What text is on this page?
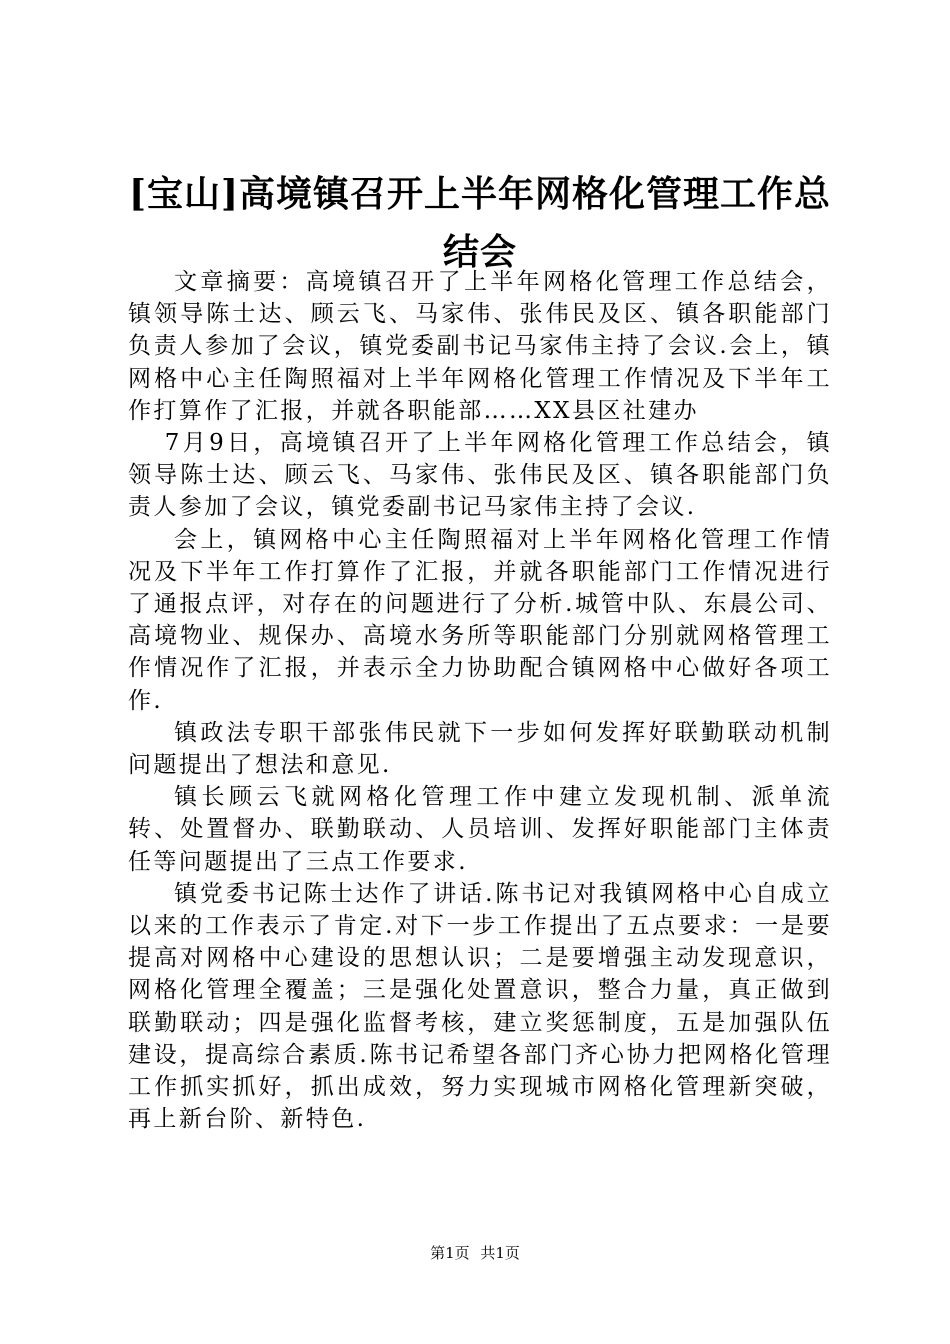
[宝山]高境镇召开上半年网格化管理工作总结会

文章摘要：高境镇召开了上半年网格化管理工作总结会，镇领导陈士达、顾云飞、马家伟、张伟民及区、镇各职能部门负责人参加了会议，镇党委副书记马家伟主持了会议.会上，镇网格中心主任陶照福对上半年网格化管理工作情况及下半年工作打算作了汇报，并就各职能部……XX县区社建办

7月9日，高境镇召开了上半年网格化管理工作总结会，镇领导陈士达、顾云飞、马家伟、张伟民及区、镇各职能部门负责人参加了会议，镇党委副书记马家伟主持了会议.

会上，镇网格中心主任陶照福对上半年网格化管理工作情况及下半年工作打算作了汇报，并就各职能部门工作情况进行了通报点评，对存在的问题进行了分析.城管中队、东晨公司、高境物业、规保办、高境水务所等职能部门分别就网格管理工作情况作了汇报，并表示全力协助配合镇网格中心做好各项工作.

镇政法专职干部张伟民就下一步如何发挥好联勤联动机制问题提出了想法和意见.

镇长顾云飞就网格化管理工作中建立发现机制、派单流转、处置督办、联勤联动、人员培训、发挥好职能部门主体责任等问题提出了三点工作要求.

镇党委书记陈士达作了讲话.陈书记对我镇网格中心自成立以来的工作表示了肯定.对下一步工作提出了五点要求：一是要提高对网格中心建设的思想认识；二是要增强主动发现意识，网格化管理全覆盖；三是强化处置意识，整合力量，真正做到联勤联动；四是强化监督考核，建立奖惩制度，五是加强队伍建设，提高综合素质.陈书记希望各部门齐心协力把网格化管理工作抓实抓好，抓出成效，努力实现城市网格化管理新突破，再上新台阶、新特色.

第1页 共1页
